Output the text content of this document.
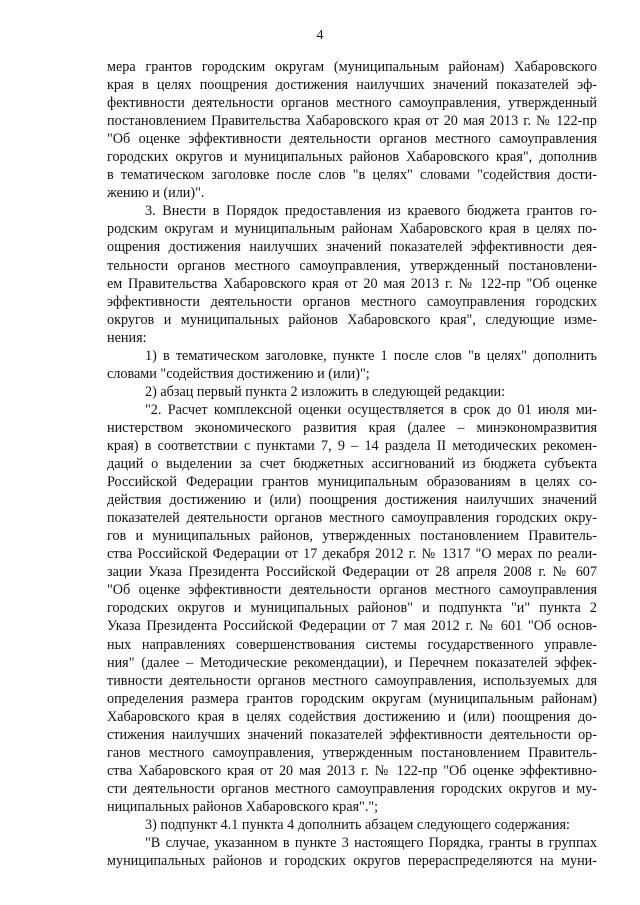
4
мера грантов городским округам (муниципальным районам) Хабаровского
края в целях поощрения достижения наилучших значений показателей эф-
фективности деятельности органов местного самоуправления, утвержденный
постановлением Правительства Хабаровского края от 20 мая 2013 г. № 122-пр
"Об оценке эффективности деятельности органов местного самоуправления
городских округов и муниципальных районов Хабаровского края", дополнив
в тематическом заголовке после слов "в целях" словами "содействия дости-
жению и (или)".
3. Внести в Порядок предоставления из краевого бюджета грантов го-
родским округам и муниципальным районам Хабаровского края в целях по-
ощрения достижения наилучших значений показателей эффективности дея-
тельности органов местного самоуправления, утвержденный постановлени-
ем Правительства Хабаровского края от 20 мая 2013 г. № 122-пр "Об оценке
эффективности деятельности органов местного самоуправления городских
округов и муниципальных районов Хабаровского края", следующие изме-
нения:
1) в тематическом заголовке, пункте 1 после слов "в целях" дополнить
словами "содействия достижению и (или)";
2) абзац первый пункта 2 изложить в следующей редакции:
"2. Расчет комплексной оценки осуществляется в срок до 01 июля ми-
нистерством экономического развития края (далее – минэкономразвития
края) в соответствии с пунктами 7, 9 – 14 раздела II методических рекомен-
даций о выделении за счет бюджетных ассигнований из бюджета субъекта
Российской Федерации грантов муниципальным образованиям в целях со-
действия достижению и (или) поощрения достижения наилучших значений
показателей деятельности органов местного самоуправления городских окру-
гов и муниципальных районов, утвержденных постановлением Правитель-
ства Российской Федерации от 17 декабря 2012 г. № 1317 "О мерах по реали-
зации Указа Президента Российской Федерации от 28 апреля 2008 г. № 607
"Об оценке эффективности деятельности органов местного самоуправления
городских округов и муниципальных районов" и подпункта "и" пункта 2
Указа Президента Российской Федерации от 7 мая 2012 г. № 601 "Об основ-
ных направлениях совершенствования системы государственного управле-
ния" (далее – Методические рекомендации), и Перечнем показателей эффек-
тивности деятельности органов местного самоуправления, используемых для
определения размера грантов городским округам (муниципальным районам)
Хабаровского края в целях содействия достижению и (или) поощрения до-
стижения наилучших значений показателей эффективности деятельности ор-
ганов местного самоуправления, утвержденным постановлением Правитель-
ства Хабаровского края от 20 мая 2013 г. № 122-пр "Об оценке эффективно-
сти деятельности органов местного самоуправления городских округов и му-
ниципальных районов Хабаровского края".";
3) подпункт 4.1 пункта 4 дополнить абзацем следующего содержания:
"В случае, указанном в пункте 3 настоящего Порядка, гранты в группах
муниципальных районов и городских округов перераспределяются на муни-
